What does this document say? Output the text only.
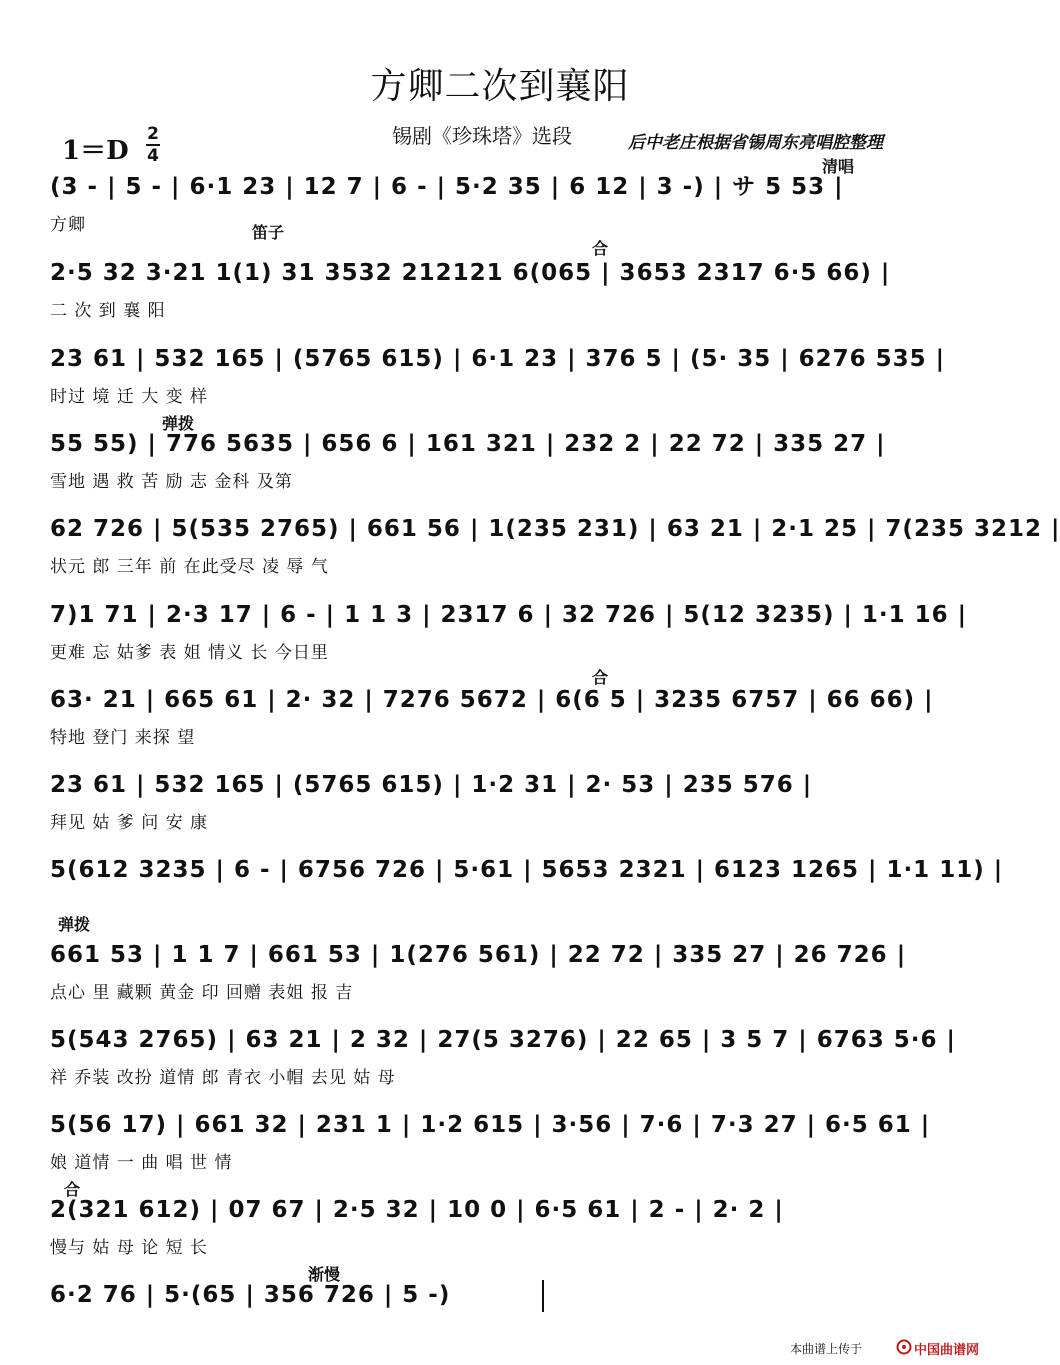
方卿二次到襄阳
1＝D
2
4
锡剧《珍珠塔》选段	后中老庄根据省锡周东亮唱腔整理
(3 - | 5 - | 6·1 23 | 12 7 | 6 - | 5·2 35 | 6 12 | 3 -) | サ 5 53 |
方卿
清唱
2·5 32 3·21 1(1) 31 3532 212121 6(065 | 3653 2317 6·5 66) |
二 次 到 襄 阳
笛子
合
23 61 | 532 165 | (5765 615) | 6·1 23 | 376 5 | (5· 35 | 6276 535 |
时过 境 迁 大 变 样
55 55) | 776 5635 | 656 6 | 161 321 | 232 2 | 22 72 | 335 27 |
雪地 遇 救 苦 励 志 金科 及第
弹拨
62 726 | 5(535 2765) | 661 56 | 1(235 231) | 63 21 | 2·1 25 | 7(235 3212 |
状元 郎 三年 前 在此受尽 凌 辱 气
7)1 71 | 2·3 17 | 6 - | 1 1 3 | 2317 6 | 32 726 | 5(12 3235) | 1·1 16 |
更难 忘 姑爹 表 姐 情义 长 今日里
63· 21 | 665 61 | 2· 32 | 7276 5672 | 6(6 5 | 3235 6757 | 66 66) |
特地 登门 来探 望
合
23 61 | 532 165 | (5765 615) | 1·2 31 | 2· 53 | 235 576 |
拜见 姑 爹 问 安 康
5(612 3235 | 6 - | 6756 726 | 5·61 | 5653 2321 | 6123 1265 | 1·1 11) |
661 53 | 1 1 7 | 661 53 | 1(276 561) | 22 72 | 335 27 | 26 726 |
点心 里 藏颗 黄金 印 回赠 表姐 报 吉
弹拨
5(543 2765) | 63 21 | 2 32 | 27(5 3276) | 22 65 | 3 5 7 | 6763 5·6 |
祥 乔装 改扮 道情 郎 青衣 小帽 去见 姑 母
5(56 17) | 661 32 | 231 1 | 1·2 615 | 3·56 | 7·6 | 7·3 27 | 6·5 61 |
娘 道情 一 曲 唱 世 情
2(321 612) | 07 67 | 2·5 32 | 10 0 | 6·5 61 | 2 - | 2· 2 |
慢与 姑 母 论 短 长
合
6·2 76 | 5·(65 | 356 726 | 5 -)
渐慢
本曲谱上传于	中国曲谱网
